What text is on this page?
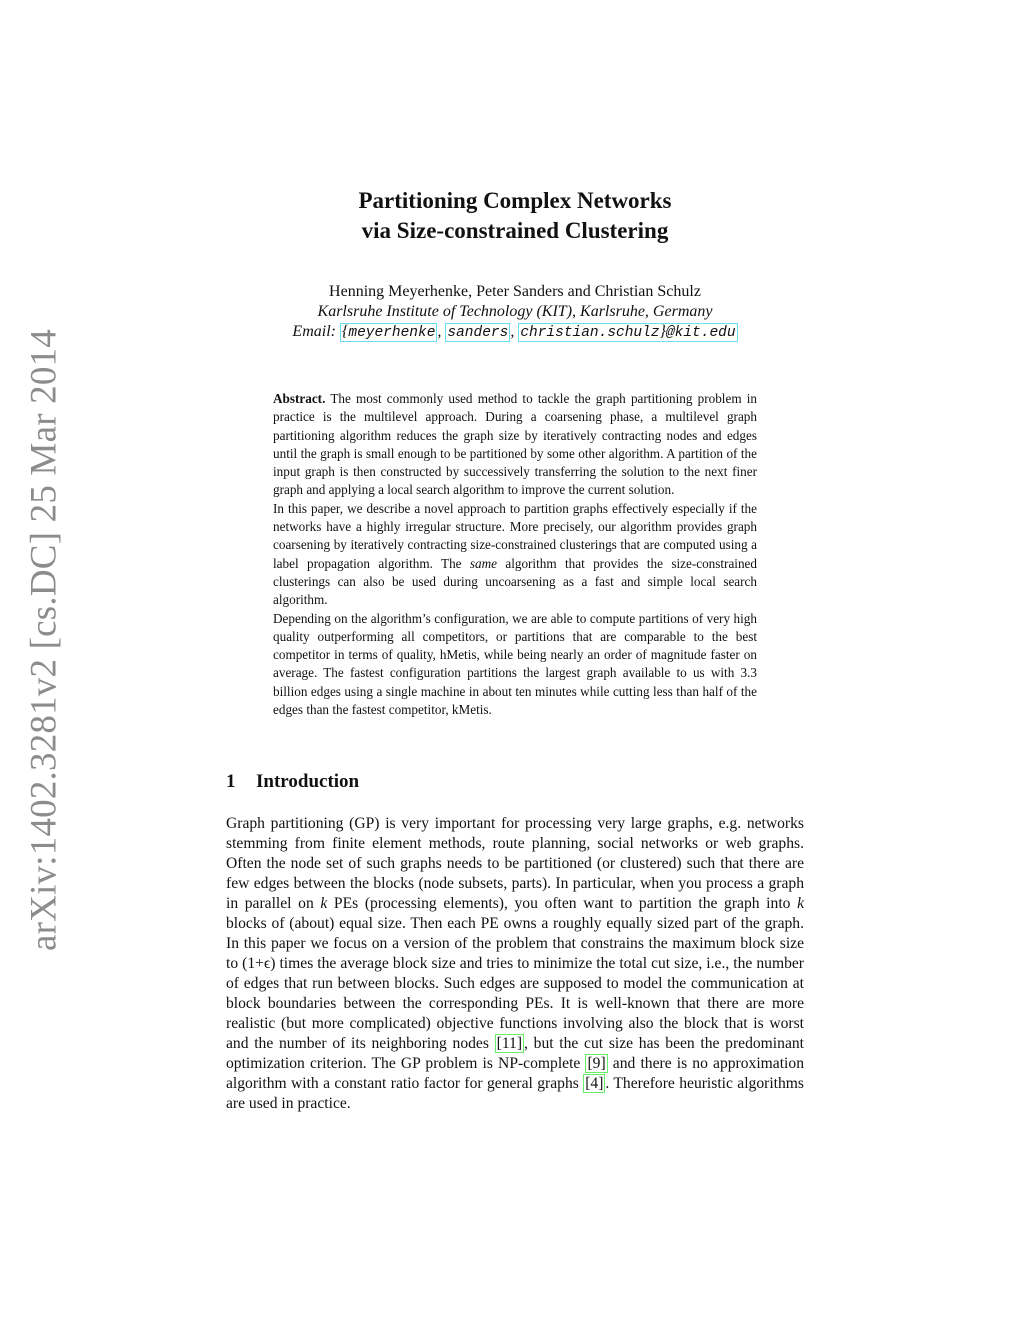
arXiv:1402.3281v2 [cs.DC] 25 Mar 2014
Partitioning Complex Networks
via Size-constrained Clustering
Henning Meyerhenke, Peter Sanders and Christian Schulz
Karlsruhe Institute of Technology (KIT), Karlsruhe, Germany
Email: {meyerhenke , sanders , christian.schulz}@kit.edu

Abstract. The most commonly used method to tackle the graph partitioning problem in practice is the multilevel approach. During a coarsening phase, a multilevel graph partitioning algorithm reduces the graph size by iteratively contracting nodes and edges until the graph is small enough to be partitioned by some other algorithm. A partition of the input graph is then constructed by successively transferring the solution to the next finer graph and applying a local search algorithm to improve the current solution.

In this paper, we describe a novel approach to partition graphs effectively especially if the networks have a highly irregular structure. More precisely, our algorithm provides graph coarsening by iteratively contracting size-constrained clusterings that are computed using a label propagation algorithm. The same algorithm that provides the size-constrained clusterings can also be used during uncoarsening as a fast and simple local search algorithm.

Depending on the algorithm’s configuration, we are able to compute partitions of very high quality outperforming all competitors, or partitions that are comparable to the best competitor in terms of quality, hMetis, while being nearly an order of magnitude faster on average. The fastest configuration partitions the largest graph available to us with 3.3 billion edges using a single machine in about ten minutes while cutting less than half of the edges than the fastest competitor, kMetis.

1 Introduction

Graph partitioning (GP) is very important for processing very large graphs, e.g. networks stemming from finite element methods, route planning, social networks or web graphs. Often the node set of such graphs needs to be partitioned (or clustered) such that there are few edges between the blocks (node subsets, parts). In particular, when you process a graph in parallel on k PEs (processing elements), you often want to partition the graph into k blocks of (about) equal size. Then each PE owns a roughly equally sized part of the graph. In this paper we focus on a version of the problem that constrains the maximum block size to (1+ϵ) times the average block size and tries to minimize the total cut size, i.e., the number of edges that run between blocks. Such edges are supposed to model the communication at block boundaries between the corresponding PEs. It is well-known that there are more realistic (but more complicated) objective functions involving also the block that is worst and the number of its neighboring nodes [11] , but the cut size has been the predominant optimization criterion. The GP problem is NP-complete [9] and there is no approximation algorithm with a constant ratio factor for general graphs [4] . Therefore heuristic algorithms are used in practice.
